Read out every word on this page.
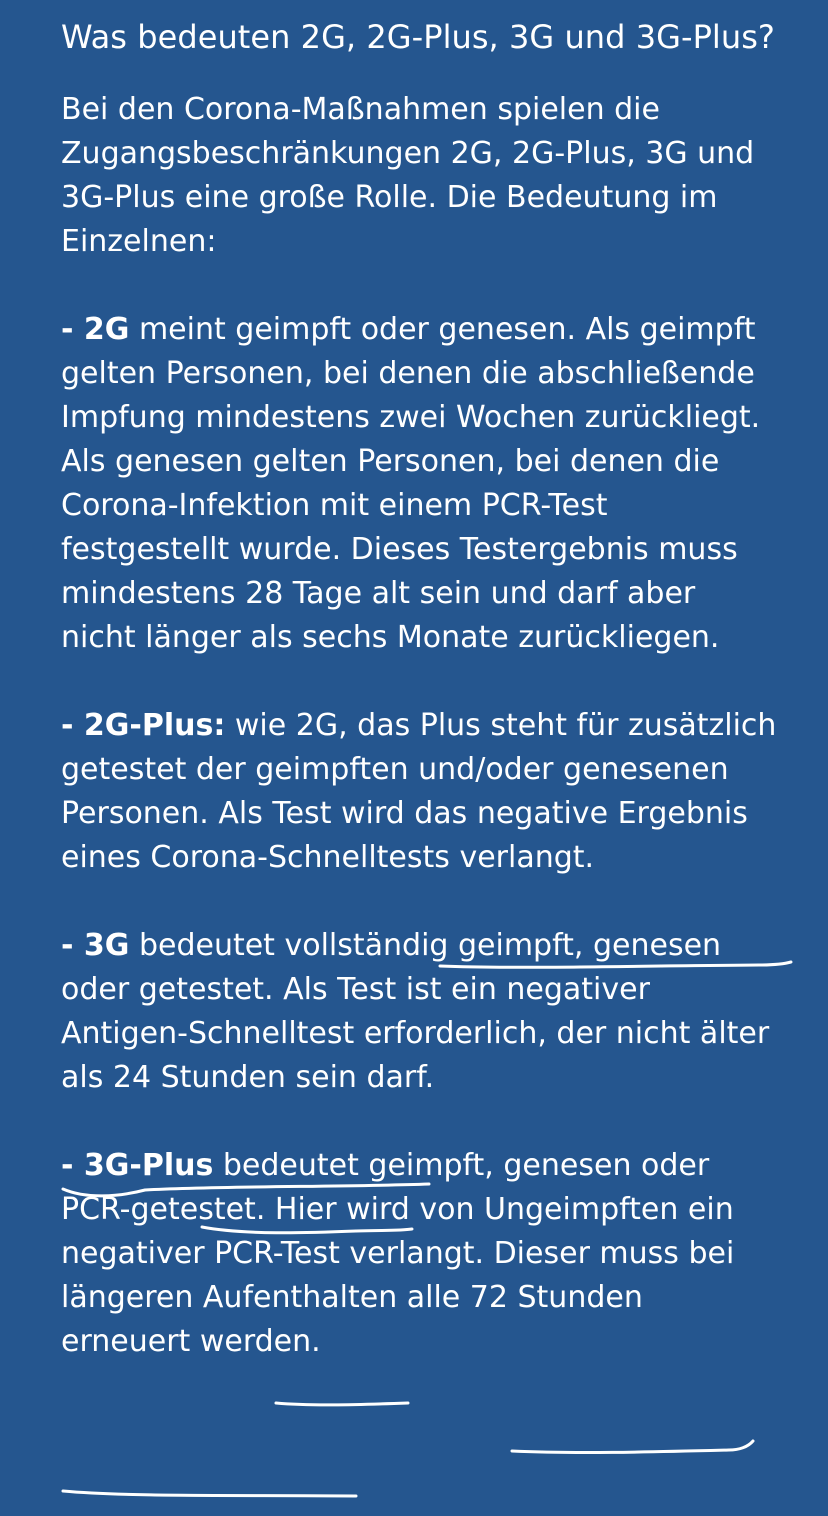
Was bedeuten 2G, 2G-Plus, 3G und 3G-Plus?

Bei den Corona-Maßnahmen spielen die Zugangsbeschränkungen 2G, 2G-Plus, 3G und 3G-Plus eine große Rolle. Die Bedeutung im Einzelnen:

- 2G meint geimpft oder genesen. Als geimpft gelten Personen, bei denen die abschließende Impfung mindestens zwei Wochen zurückliegt. Als genesen gelten Personen, bei denen die Corona-Infektion mit einem PCR-Test festgestellt wurde. Dieses Testergebnis muss mindestens 28 Tage alt sein und darf aber nicht länger als sechs Monate zurückliegen.

- 2G-Plus: wie 2G, das Plus steht für zusätzlich getestet der geimpften und/oder genesenen Personen. Als Test wird das negative Ergebnis eines Corona-Schnelltests verlangt.

- 3G bedeutet vollständig geimpft, genesen oder getestet. Als Test ist ein negativer Antigen-Schnelltest erforderlich, der nicht älter als 24 Stunden sein darf.

- 3G-Plus bedeutet geimpft, genesen oder PCR-getestet. Hier wird von Ungeimpften ein negativer PCR-Test verlangt. Dieser muss bei längeren Aufenthalten alle 72 Stunden erneuert werden.
